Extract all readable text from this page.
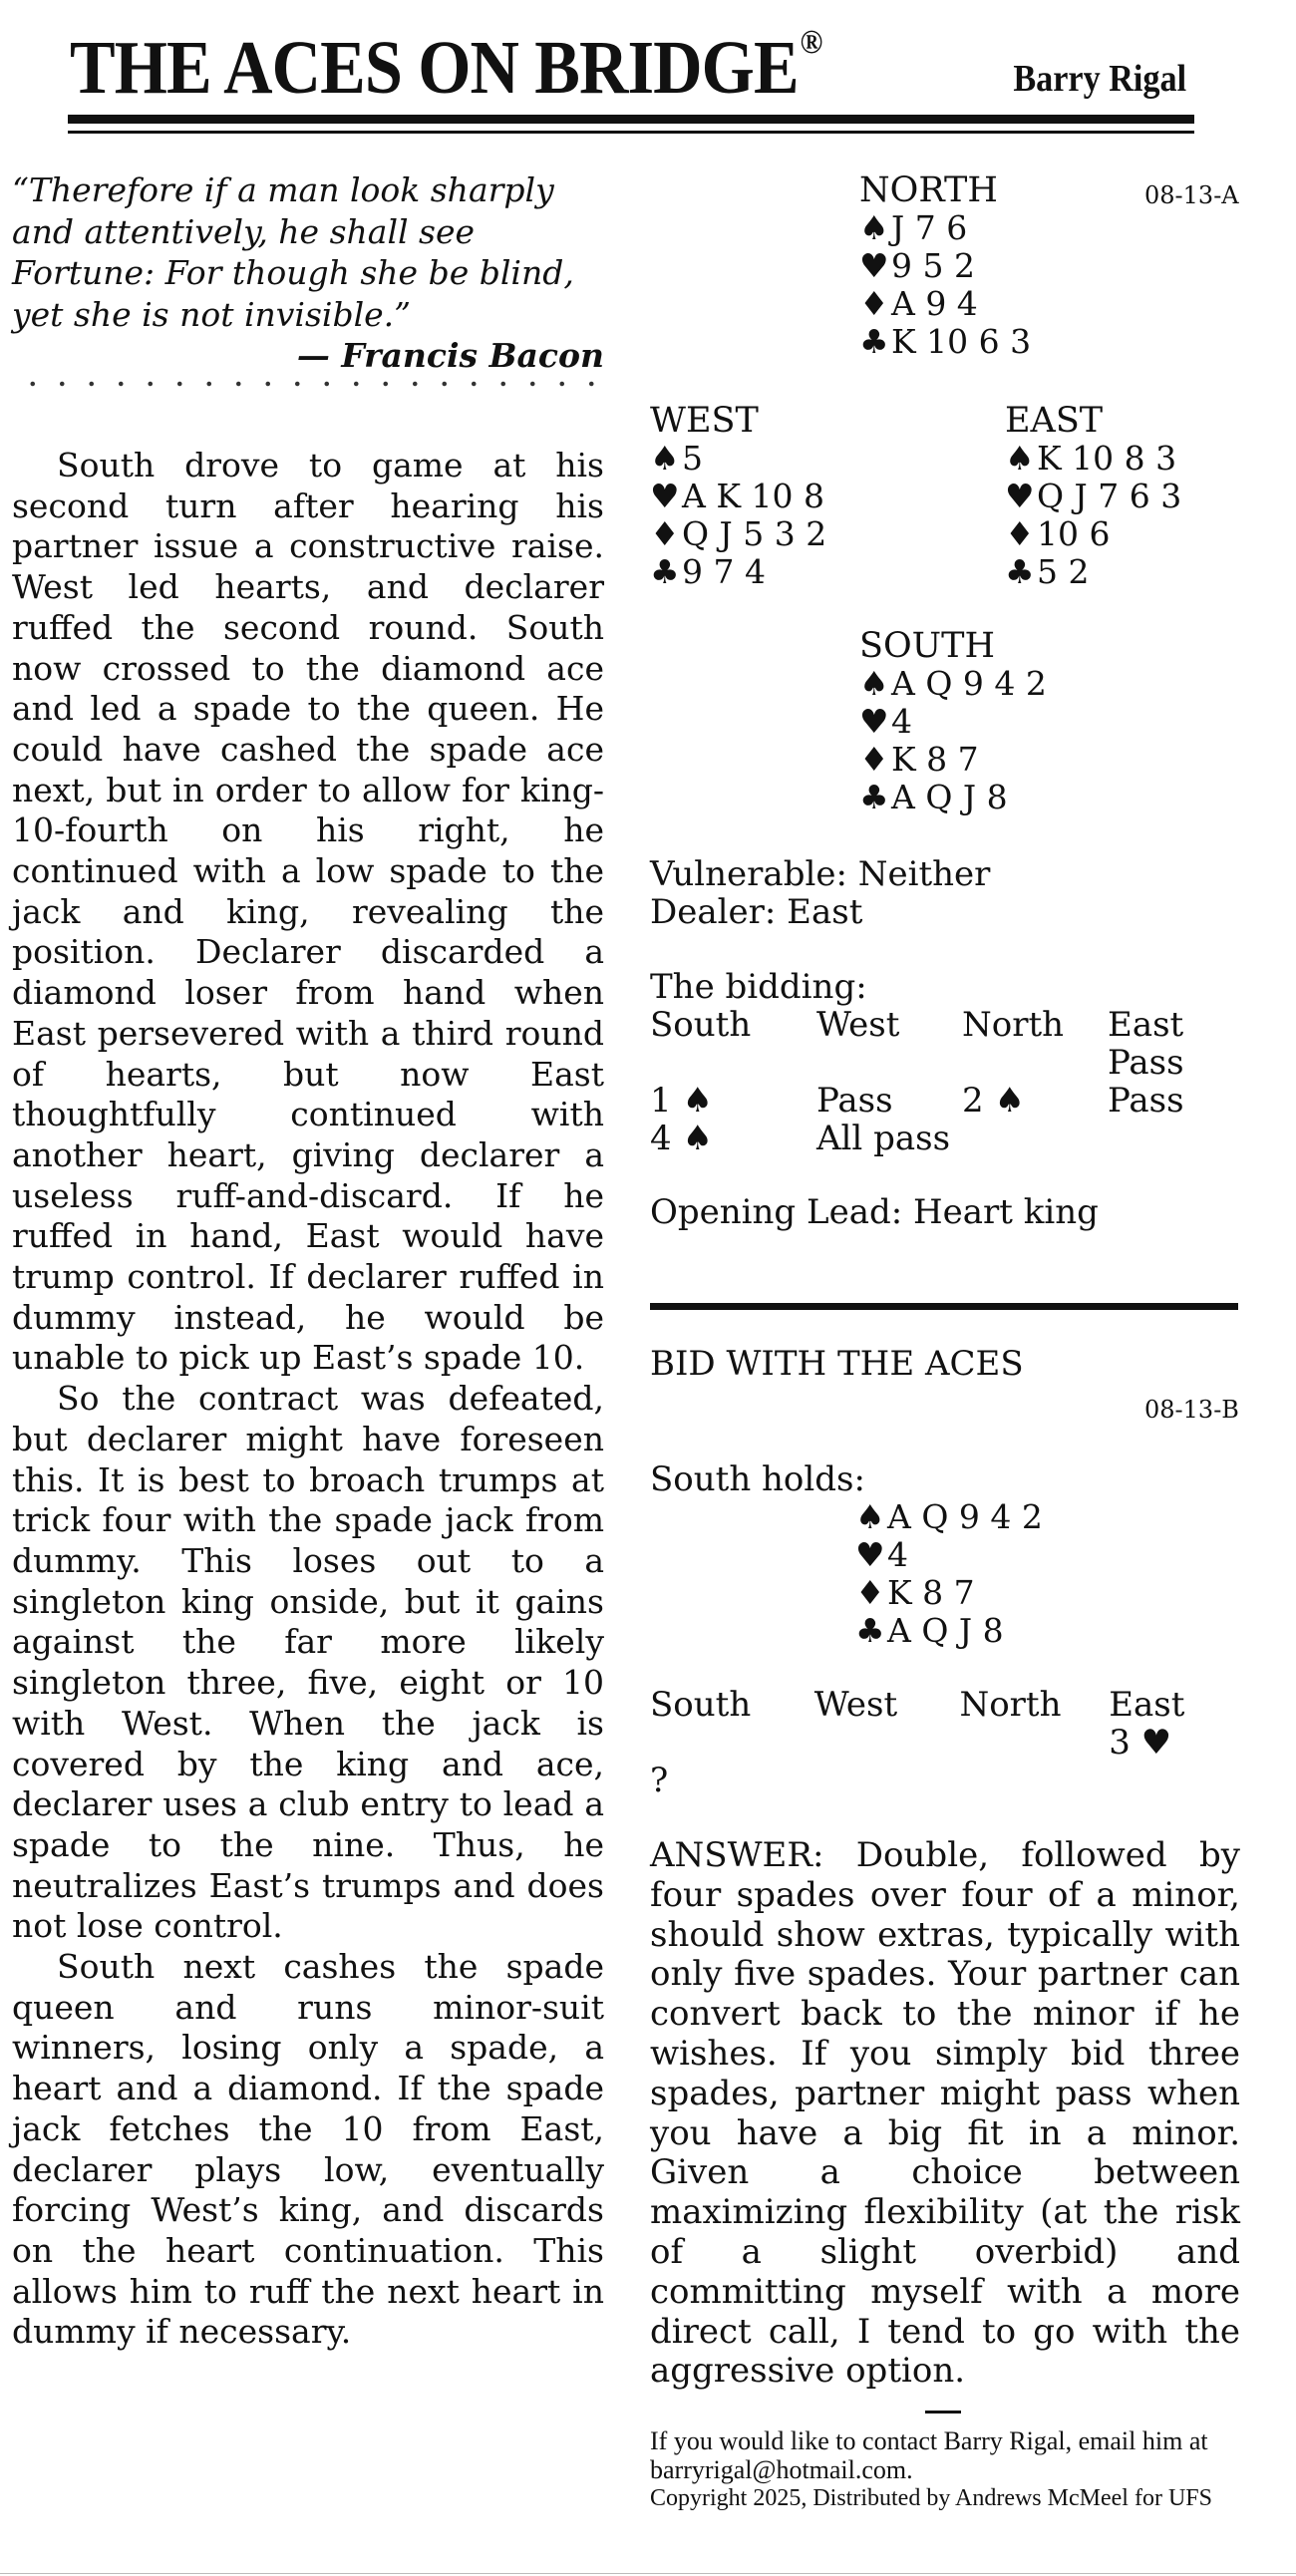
THE ACES ON BRIDGE®
Barry Rigal
“Therefore if a man look sharply and attentively, he shall see Fortune: For though she be blind, yet she is not invisible.”
— Francis Bacon

South drove to game at his second turn after hearing his partner issue a constructive raise. West led hearts, and declarer ruffed the second round. South now crossed to the diamond ace and led a spade to the queen. He could have cashed the spade ace next, but in order to allow for king-10-fourth on his right, he continued with a low spade to the jack and king, revealing the position. Declarer discarded a diamond loser from hand when East persevered with a third round of hearts, but now East thoughtfully continued with another heart, giving declarer a useless ruff-and-discard. If he ruffed in hand, East would have trump control. If declarer ruffed in dummy instead, he would be unable to pick up East’s spade 10.

So the contract was defeated, but declarer might have foreseen this. It is best to broach trumps at trick four with the spade jack from dummy. This loses out to a singleton king onside, but it gains against the far more likely singleton three, five, eight or 10 with West. When the jack is covered by the king and ace, declarer uses a club entry to lead a spade to the nine. Thus, he neutralizes East’s trumps and does not lose control.

South next cashes the spade queen and runs minor-suit winners, losing only a spade, a heart and a diamond. If the spade jack fetches the 10 from East, declarer plays low, eventually forcing West’s king, and discards on the heart continuation. This allows him to ruff the next heart in dummy if necessary.

08-13-A
NORTH
♠J 7 6
♥9 5 2
♦A 9 4
♣K 10 6 3
WEST
♠5
♥A K 10 8
♦Q J 5 3 2
♣9 7 4
EAST
♠K 10 8 3
♥Q J 7 6 3
♦10 6
♣5 2
SOUTH
♠A Q 9 4 2
♥4
♦K 8 7
♣A Q J 8
Vulnerable: Neither
Dealer: East
The bidding:
South	West	North	East
			Pass
1 ♠	Pass	2 ♠	Pass
4 ♠	All pass		
Opening Lead: Heart king
BID WITH THE ACES
08-13-B
South holds:
♠A Q 9 4 2
♥4
♦K 8 7
♣A Q J 8
South	West	North	East
			3 ♥
?			
ANSWER: Double, followed by four spades over four of a minor, should show extras, typically with only five spades. Your partner can convert back to the minor if he wishes. If you simply bid three spades, partner might pass when you have a big fit in a minor. Given a choice between maximizing flexibility (at the risk of a slight overbid) and committing myself with a more direct call, I tend to go with the aggressive option.
If you would like to contact Barry Rigal, email him at barryrigal@hotmail.com.
Copyright 2025, Distributed by Andrews McMeel for UFS
